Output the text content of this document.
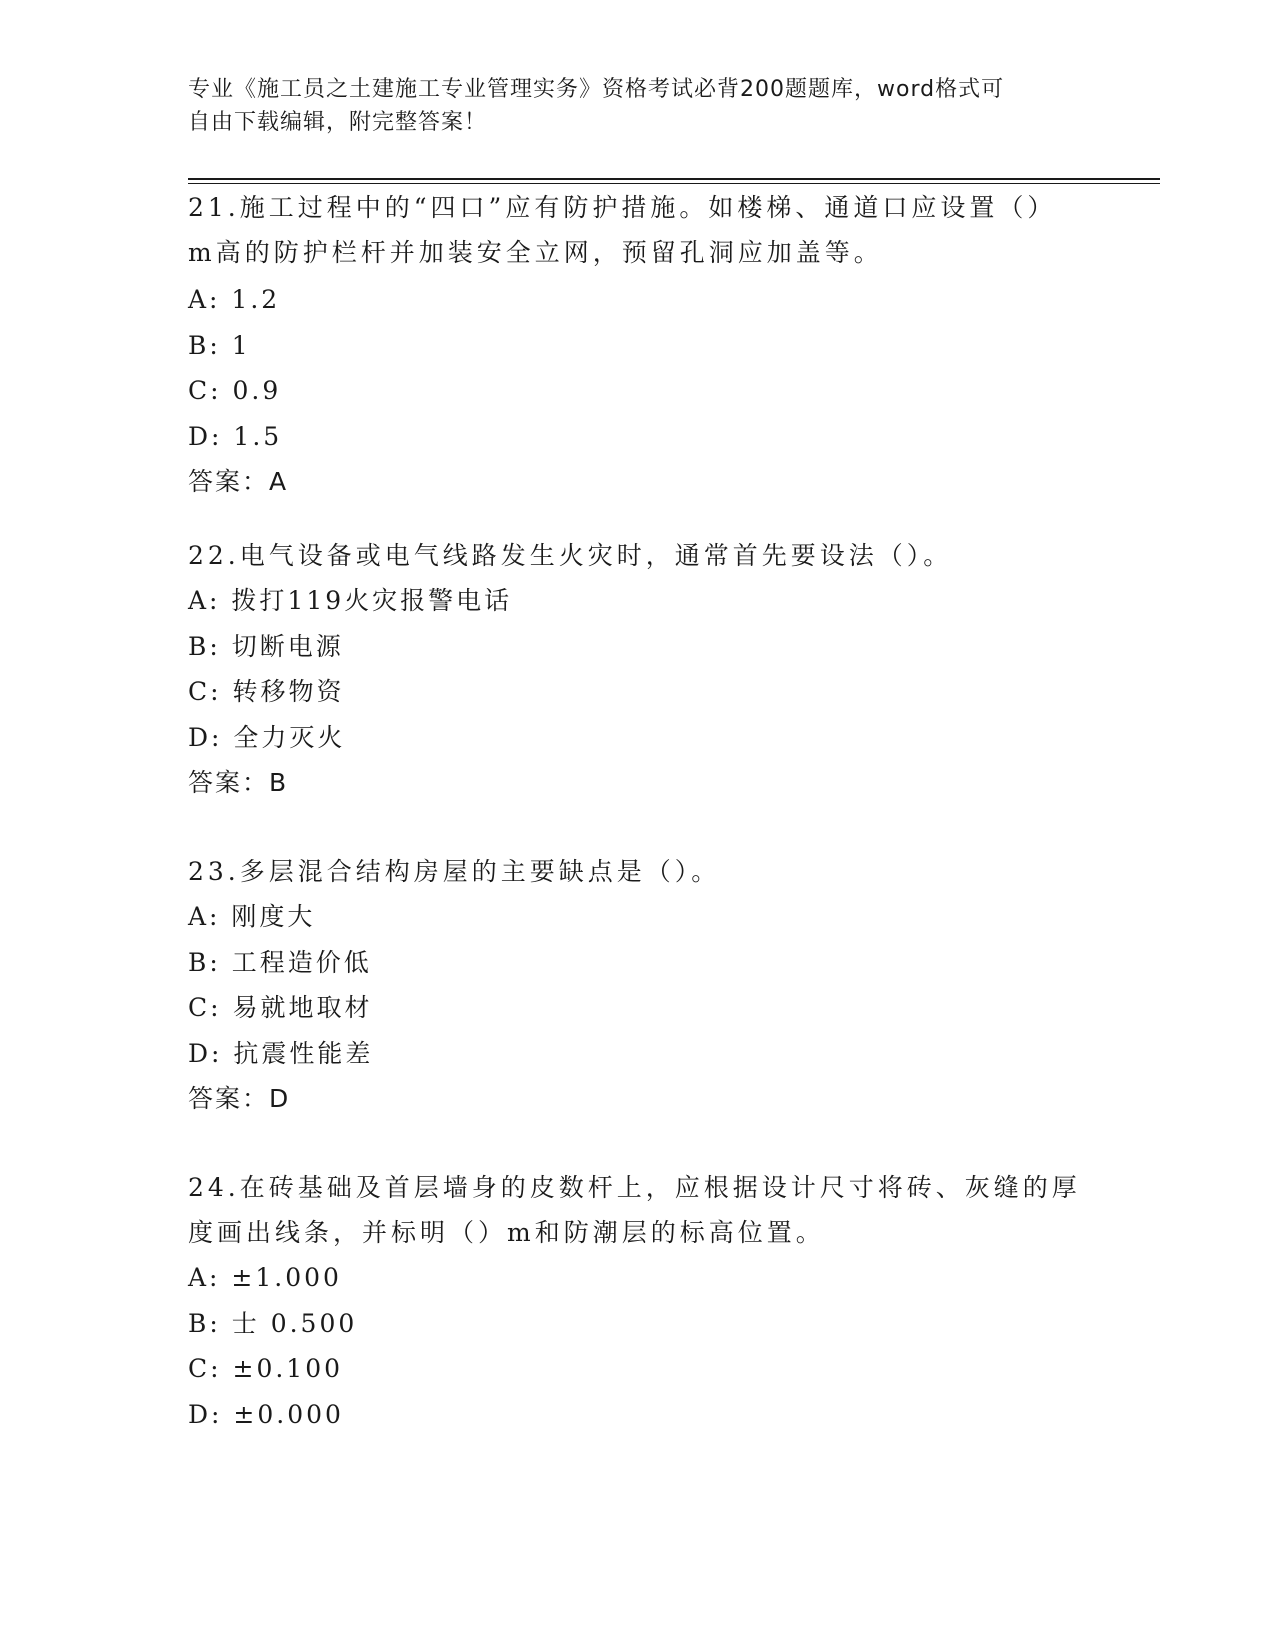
专业《施工员之土建施工专业管理实务》资格考试必背200题题库，word格式可
自由下载编辑，附完整答案！

21.施工过程中的“四口”应有防护措施。如楼梯、通道口应设置（）

m高的防护栏杆并加装安全立网，预留孔洞应加盖等。

A: 1.2

B: 1

C: 0.9

D: 1.5

答案：A

22.电气设备或电气线路发生火灾时，通常首先要设法（）。

A: 拨打119火灾报警电话

B: 切断电源

C: 转移物资

D: 全力灭火

答案：B

23.多层混合结构房屋的主要缺点是（）。

A: 刚度大

B: 工程造价低

C: 易就地取材

D: 抗震性能差

答案：D

24.在砖基础及首层墙身的皮数杆上，应根据设计尺寸将砖、灰缝的厚

度画出线条，并标明（）m和防潮层的标高位置。

A: ±1.000

B: 士 0.500

C: ±0.100

D: ±0.000
